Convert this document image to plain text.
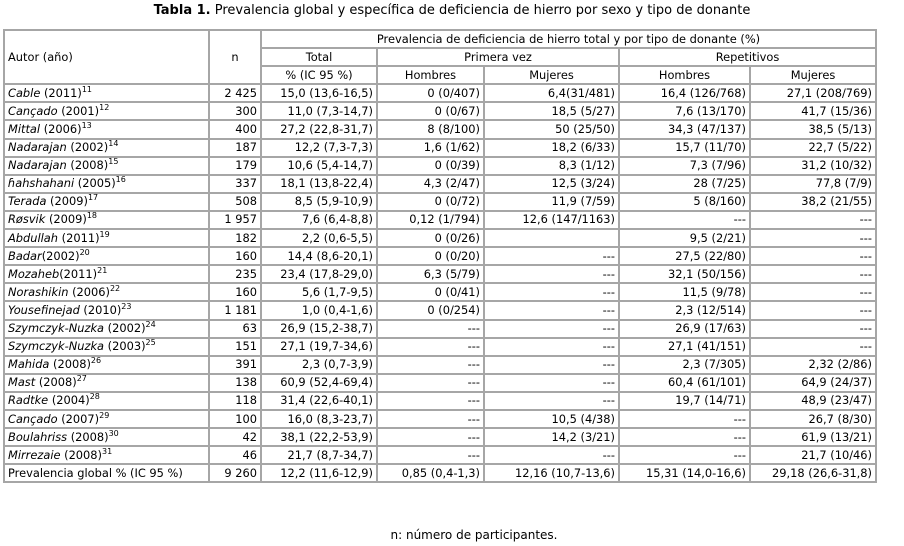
Tabla 1. Prevalencia global y específica de deficiencia de hierro por sexo y tipo de donante
Autor (año)	n	Prevalencia de deficiencia de hierro total y por tipo de donante (%)				
		Total	Primera vez		Repetitivos	
		% (IC 95 %)	Hombres	Mujeres	Hombres	Mujeres
Cable $(2011)^{11}$	2 425	15,0 (13,6-16,5)	0 (0/407)	6,4(31/481)	16,4 (126/768)	27,1 (208/769)
Cançado $(2001)^{12}$	300	11,0 (7,3-14,7)	0 (0/67)	18,5 (5/27)	7,6 (13/170)	41,7 (15/36)
Mittal $(2006)^{13}$	400	27,2 (22,8-31,7)	8 (8/100)	50 (25/50)	34,3 (47/137)	38,5 (5/13)
Nadarajan $(2002)^{14}$	187	12,2 (7,3-7,3)	1,6 (1/62)	18,2 (6/33)	15,7 (11/70)	22,7 (5/22)
Nadarajan $(2008)^{15}$	179	10,6 (5,4-14,7)	0 (0/39)	8,3 (1/12)	7,3 (7/96)	31,2 (10/32)
ɦahshahani $(2005)^{16}$	337	18,1 (13,8-22,4)	4,3 (2/47)	12,5 (3/24)	28 (7/25)	77,8 (7/9)
Terada $(2009)^{17}$	508	8,5 (5,9-10,9)	0 (0/72)	11,9 (7/59)	5 (8/160)	38,2 (21/55)
Røsvik $(2009)^{18}$	1 957	7,6 (6,4-8,8)	0,12 (1/794)	12,6 (147/1163)	---	---
Abdullah $(2011)^{19}$	182	2,2 (0,6-5,5)	0 (0/26)		9,5 (2/21)	---
$Badar(2002)^{20}$	160	14,4 (8,6-20,1)	0 (0/20)	---	27,5 (22/80)	---
$Mozaheb(2011)^{21}$	235	23,4 (17,8-29,0)	6,3 (5/79)	---	32,1 (50/156)	---
Norashikin $(2006)^{22}$	160	5,6 (1,7-9,5)	0 (0/41)	---	11,5 (9/78)	---
Yousefinejad $(2010)^{23}$	1 181	1,0 (0,4-1,6)	0 (0/254)	---	2,3 (12/514)	---
Szymczyk-Nuzka $(2002)^{24}$	63	26,9 (15,2-38,7)	---	---	26,9 (17/63)	---
Szymczyk-Nuzka $(2003)^{25}$	151	27,1 (19,7-34,6)	---	---	27,1 (41/151)	---
Mahida $(2008)^{26}$	391	2,3 (0,7-3,9)	---	---	2,3 (7/305)	2,32 (2/86)
Mast $(2008)^{27}$	138	60,9 (52,4-69,4)	---	---	60,4 (61/101)	64,9 (24/37)
Radtke $(2004)^{28}$	118	31,4 (22,6-40,1)	---	---	19,7 (14/71)	48,9 (23/47)
Cançado $(2007)^{29}$	100	16,0 (8,3-23,7)	---	10,5 (4/38)	---	26,7 (8/30)
Boulahriss $(2008)^{30}$	42	38,1 (22,2-53,9)	---	14,2 (3/21)	---	61,9 (13/21)
Mirrezaie $(2008)^{31}$	46	21,7 (8,7-34,7)	---	---	---	21,7 (10/46)
Prevalencia global % (IC 95 %)	9 260	12,2 (11,6-12,9)	0,85 (0,4-1,3)	12,16 (10,7-13,6)	15,31 (14,0-16,6)	29,18 (26,6-31,8)
n: número de participantes.
